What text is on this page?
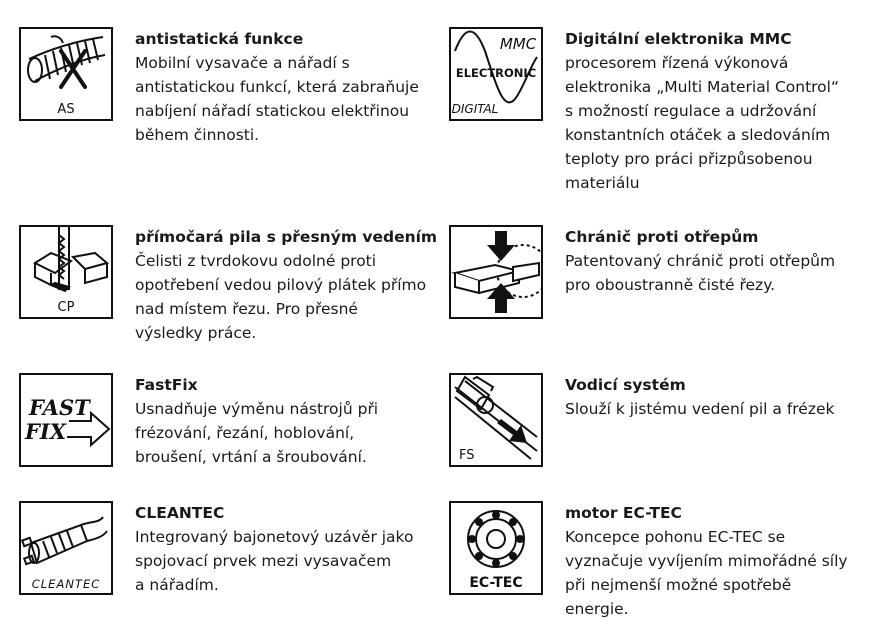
AS

antistatická funkce

Mobilní vysavače a nářadí s
antistatickou funkcí, která zabraňuje
nabíjení nářadí statickou elektřinou
během činnosti.

MMC
ELECTRONIC
DIGITAL

Digitální elektronika MMC

procesorem řízená výkonová
elektronika „Multi Material Control“
s možností regulace a udržování
konstantních otáček a sledováním
teploty pro práci přizpůsobenou
materiálu

CP

přímočará pila s přesným vedením

Čelisti z tvrdokovu odolné proti
opotřebení vedou pilový plátek přímo
nad místem řezu. Pro přesné
výsledky práce.

Chránič proti otřepům

Patentovaný chránič proti otřepům
pro oboustranně čisté řezy.

FAST
FIX

FastFix

Usnadňuje výměnu nástrojů při
frézování, řezání, hoblování,
broušení, vrtání a šroubování.	FS

Vodicí systém

Slouží k jistému vedení pil a frézek

CLEANTEC

CLEANTEC

Integrovaný bajonetový uzávěr jako
spojovací prvek mezi vysavačem
a nářadím.	EC-TEC

motor EC-TEC

Koncepce pohonu EC-TEC se
vyznačuje vyvíjením mimořádné síly
při nejmenší možné spotřebě
energie.
